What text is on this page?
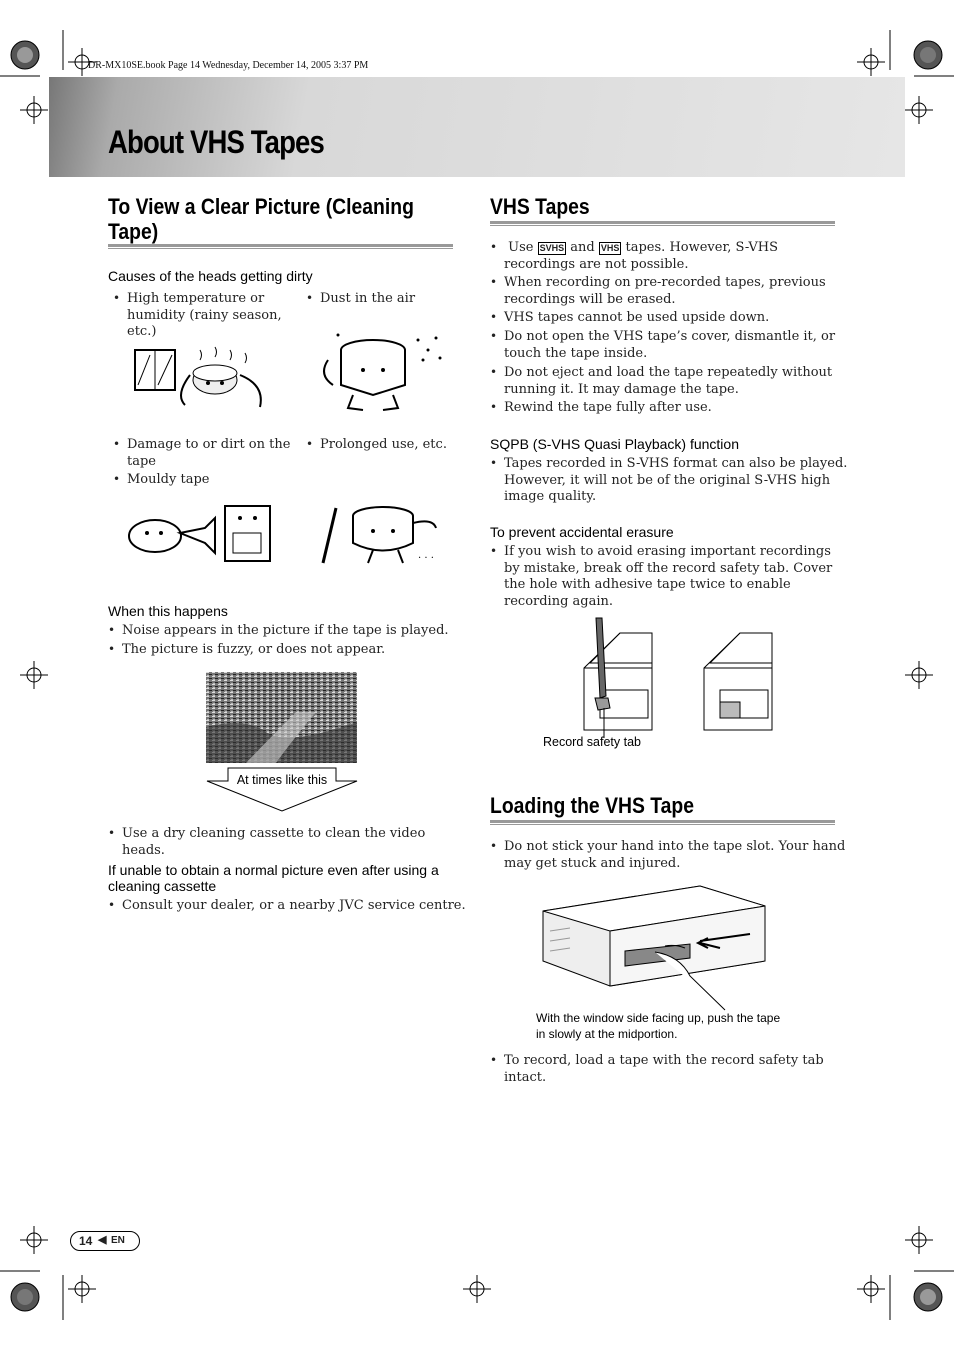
DR-MX10SE.book Page 14 Wednesday, December 14, 2005 3:37 PM
About VHS Tapes
To View a Clear Picture (Cleaning Tape)
Causes of the heads getting dirty
• High temperature or humidity (rainy season, etc.)
• Dust in the air
• Damage to or dirt on the tape
• Prolonged use, etc.
• Mouldy tape
. . .
When this happens
• Noise appears in the picture if the tape is played.
• The picture is fuzzy, or does not appear.
At times like this
• Use a dry cleaning cassette to clean the video heads.
If unable to obtain a normal picture even after using a cleaning cassette
• Consult your dealer, or a nearby JVC service centre.
VHS Tapes
• Use SVHS and VHS tapes. However, S-VHS recordings are not possible.
• When recording on pre-recorded tapes, previous recordings will be erased.
• VHS tapes cannot be used upside down.
• Do not open the VHS tape’s cover, dismantle it, or touch the tape inside.
• Do not eject and load the tape repeatedly without running it. It may damage the tape.
• Rewind the tape fully after use.
SQPB (S-VHS Quasi Playback) function
• Tapes recorded in S-VHS format can also be played. However, it will not be of the original S-VHS high image quality.
To prevent accidental erasure
• If you wish to avoid erasing important recordings by mistake, break off the record safety tab. Cover the hole with adhesive tape twice to enable recording again.
Record safety tab
Loading the VHS Tape
• Do not stick your hand into the tape slot. Your hand may get stuck and injured.
With the window side facing up, push the tape in slowly at the midportion.
• To record, load a tape with the record safety tab intact.
14 ◀ EN
